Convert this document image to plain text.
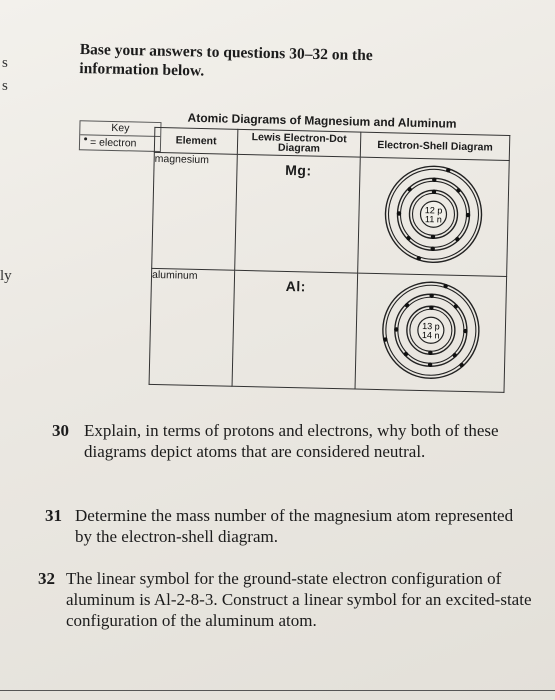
s
s
ly
Base your answers to questions 30–32 on the information below.
Atomic Diagrams of Magnesium and Aluminum
Key
= electron	Element	Lewis Electron-Dot Diagram	Electron-Shell Diagram
magnesium	Mg:	12 p
11 n

aluminum	Al:	13 p
14 n
30 Explain, in terms of protons and electrons, why both of these diagrams depict atoms that are considered neutral.
31 Determine the mass number of the magnesium atom represented by the electron-shell diagram.
32 The linear symbol for the ground-state electron configuration of aluminum is Al-2-8-3. Construct a linear symbol for an excited-state configuration of the aluminum atom.
